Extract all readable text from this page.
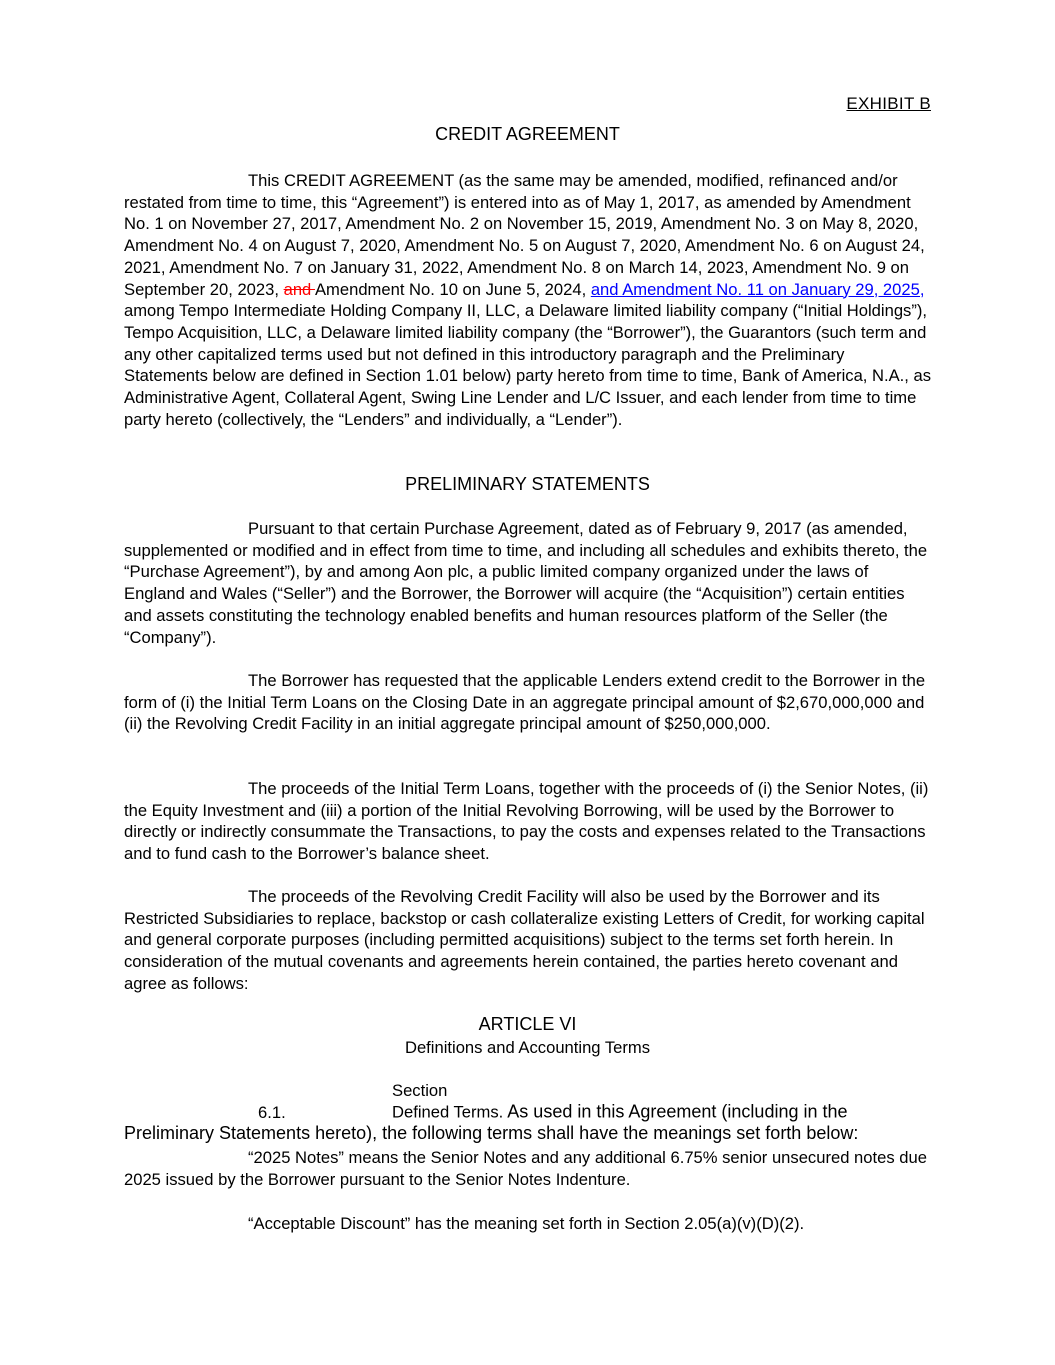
EXHIBIT B
CREDIT AGREEMENT

This CREDIT AGREEMENT (as the same may be amended, modified, refinanced and/or restated from time to time, this “Agreement”) is entered into as of May 1, 2017, as amended by Amendment No. 1 on November 27, 2017, Amendment No. 2 on November 15, 2019, Amendment No. 3 on May 8, 2020, Amendment No. 4 on August 7, 2020, Amendment No. 5 on August 7, 2020, Amendment No. 6 on August 24, 2021, Amendment No. 7 on January 31, 2022, Amendment No. 8 on March 14, 2023, Amendment No. 9 on September 20, 2023, and Amendment No. 10 on June 5, 2024, and Amendment No. 11 on January 29, 2025, among Tempo Intermediate Holding Company II, LLC, a Delaware limited liability company (“Initial Holdings”), Tempo Acquisition, LLC, a Delaware limited liability company (the “Borrower”), the Guarantors (such term and any other capitalized terms used but not defined in this introductory paragraph and the Preliminary Statements below are defined in Section 1.01 below) party hereto from time to time, Bank of America, N.A., as Administrative Agent, Collateral Agent, Swing Line Lender and L/C Issuer, and each lender from time to time party hereto (collectively, the “Lenders” and individually, a “Lender”).

PRELIMINARY STATEMENTS

Pursuant to that certain Purchase Agreement, dated as of February 9, 2017 (as amended, supplemented or modified and in effect from time to time, and including all schedules and exhibits thereto, the “Purchase Agreement”), by and among Aon plc, a public limited company organized under the laws of England and Wales (“Seller”) and the Borrower, the Borrower will acquire (the “Acquisition”) certain entities and assets constituting the technology enabled benefits and human resources platform of the Seller (the “Company”).

The Borrower has requested that the applicable Lenders extend credit to the Borrower in the form of (i) the Initial Term Loans on the Closing Date in an aggregate principal amount of $2,670,000,000 and (ii) the Revolving Credit Facility in an initial aggregate principal amount of $250,000,000.

The proceeds of the Initial Term Loans, together with the proceeds of (i) the Senior Notes, (ii) the Equity Investment and (iii) a portion of the Initial Revolving Borrowing, will be used by the Borrower to directly or indirectly consummate the Transactions, to pay the costs and expenses related to the Transactions and to fund cash to the Borrower’s balance sheet.

The proceeds of the Revolving Credit Facility will also be used by the Borrower and its Restricted Subsidiaries to replace, backstop or cash collateralize existing Letters of Credit, for working capital and general corporate purposes (including permitted acquisitions) subject to the terms set forth herein. In consideration of the mutual covenants and agreements herein contained, the parties hereto covenant and agree as follows:

ARTICLE VI
Definitions and Accounting Terms

Section 6.1.	Defined Terms. As used in this Agreement (including in the Preliminary Statements hereto), the following terms shall have the meanings set forth below:

“2025 Notes” means the Senior Notes and any additional 6.75% senior unsecured notes due 2025 issued by the Borrower pursuant to the Senior Notes Indenture.

“Acceptable Discount” has the meaning set forth in Section 2.05(a)(v)(D)(2).
